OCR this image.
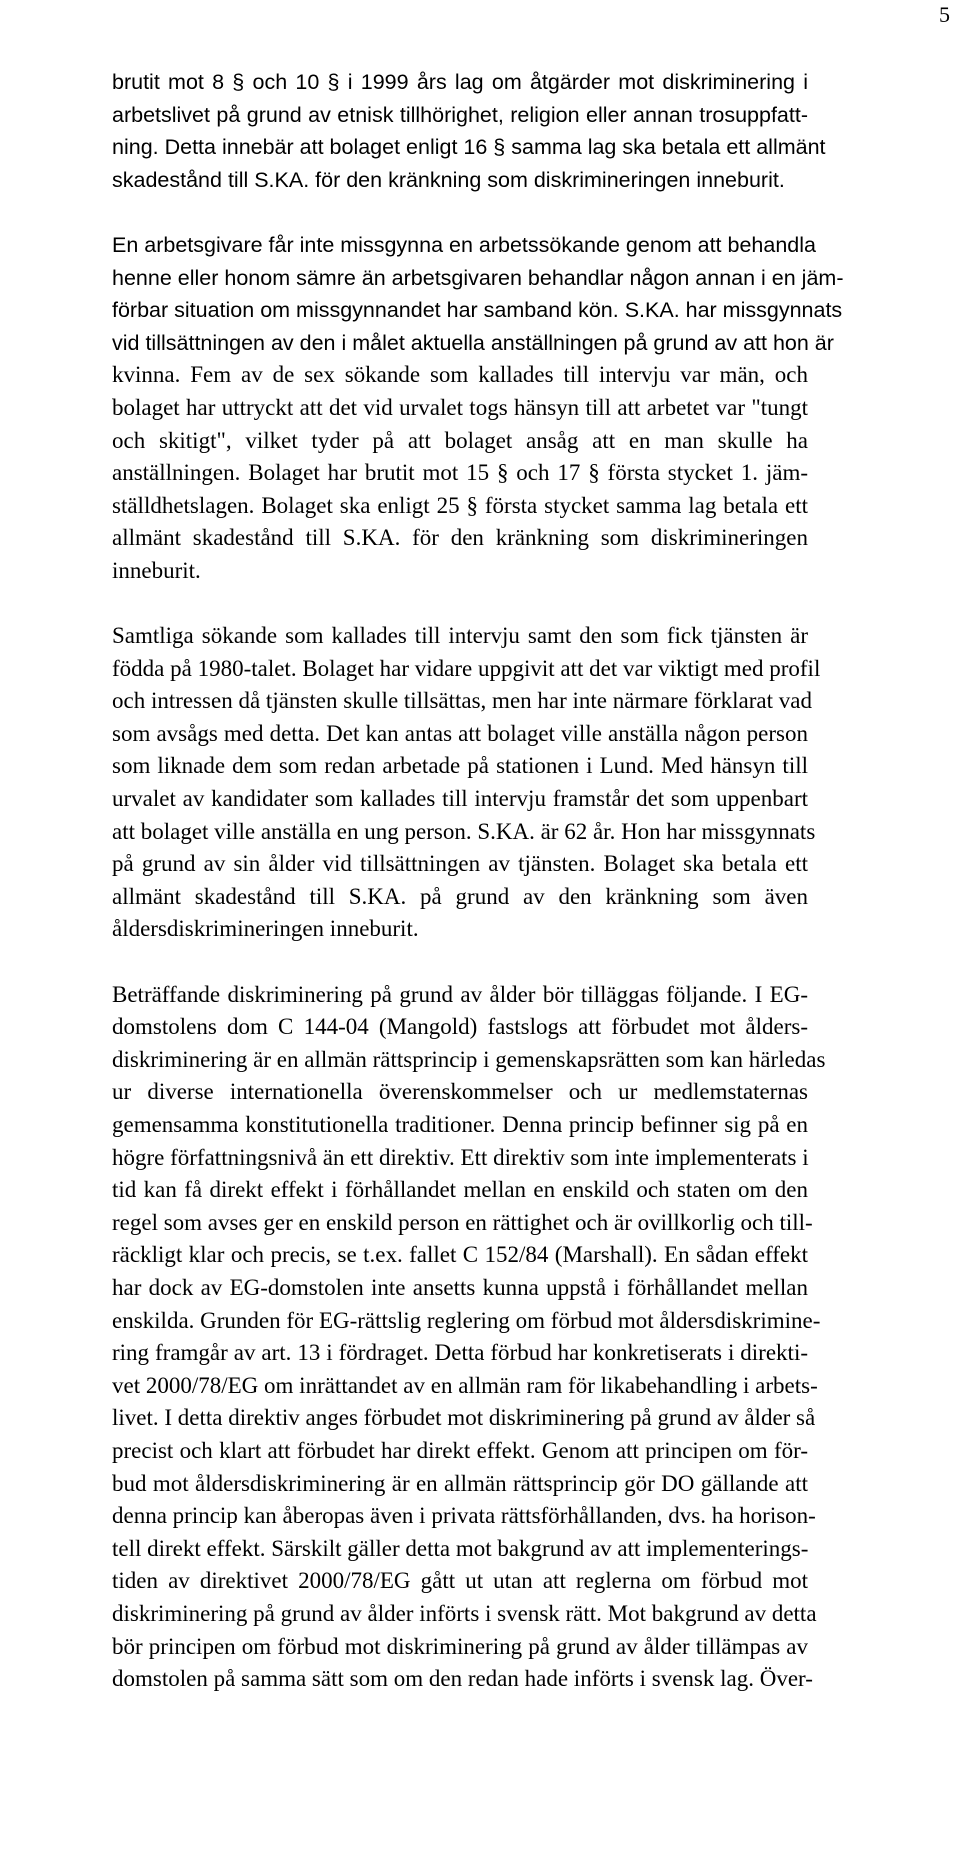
5
brutit mot 8 § och 10 § i 1999 års lag om åtgärder mot diskriminering i
arbetslivet på grund av etnisk tillhörighet, religion eller annan trosuppfatt-
ning. Detta innebär att bolaget enligt 16 § samma lag ska betala ett allmänt
skadestånd till S.KA. för den kränkning som diskrimineringen inneburit.
En arbetsgivare får inte missgynna en arbetssökande genom att behandla
henne eller honom sämre än arbetsgivaren behandlar någon annan i en jäm-
förbar situation om missgynnandet har samband kön. S.KA. har missgynnats
vid tillsättningen av den i målet aktuella anställningen på grund av att hon är
kvinna. Fem av de sex sökande som kallades till intervju var män, och
bolaget har uttryckt att det vid urvalet togs hänsyn till att arbetet var "tungt
och skitigt", vilket tyder på att bolaget ansåg att en man skulle ha
anställningen. Bolaget har brutit mot 15 § och 17 § första stycket 1. jäm-
ställdhetslagen. Bolaget ska enligt 25 § första stycket samma lag betala ett
allmänt skadestånd till S.KA. för den kränkning som diskrimineringen
inneburit.
Samtliga sökande som kallades till intervju samt den som fick tjänsten är
födda på 1980-talet. Bolaget har vidare uppgivit att det var viktigt med profil
och intressen då tjänsten skulle tillsättas, men har inte närmare förklarat vad
som avsågs med detta. Det kan antas att bolaget ville anställa någon person
som liknade dem som redan arbetade på stationen i Lund. Med hänsyn till
urvalet av kandidater som kallades till intervju framstår det som uppenbart
att bolaget ville anställa en ung person. S.KA. är 62 år. Hon har missgynnats
på grund av sin ålder vid tillsättningen av tjänsten. Bolaget ska betala ett
allmänt skadestånd till S.KA. på grund av den kränkning som även
åldersdiskrimineringen inneburit.
Beträffande diskriminering på grund av ålder bör tilläggas följande. I EG-
domstolens dom C 144-04 (Mangold) fastslogs att förbudet mot ålders-
diskriminering är en allmän rättsprincip i gemenskapsrätten som kan härledas
ur diverse internationella överenskommelser och ur medlemstaternas
gemensamma konstitutionella traditioner. Denna princip befinner sig på en
högre författningsnivå än ett direktiv. Ett direktiv som inte implementerats i
tid kan få direkt effekt i förhållandet mellan en enskild och staten om den
regel som avses ger en enskild person en rättighet och är ovillkorlig och till-
räckligt klar och precis, se t.ex. fallet C 152/84 (Marshall). En sådan effekt
har dock av EG-domstolen inte ansetts kunna uppstå i förhållandet mellan
enskilda. Grunden för EG-rättslig reglering om förbud mot åldersdiskrimine-
ring framgår av art. 13 i fördraget. Detta förbud har konkretiserats i direkti-
vet 2000/78/EG om inrättandet av en allmän ram för likabehandling i arbets-
livet. I detta direktiv anges förbudet mot diskriminering på grund av ålder så
precist och klart att förbudet har direkt effekt. Genom att principen om för-
bud mot åldersdiskriminering är en allmän rättsprincip gör DO gällande att
denna princip kan åberopas även i privata rättsförhållanden, dvs. ha horison-
tell direkt effekt. Särskilt gäller detta mot bakgrund av att implementerings-
tiden av direktivet 2000/78/EG gått ut utan att reglerna om förbud mot
diskriminering på grund av ålder införts i svensk rätt. Mot bakgrund av detta
bör principen om förbud mot diskriminering på grund av ålder tillämpas av
domstolen på samma sätt som om den redan hade införts i svensk lag. Över-
